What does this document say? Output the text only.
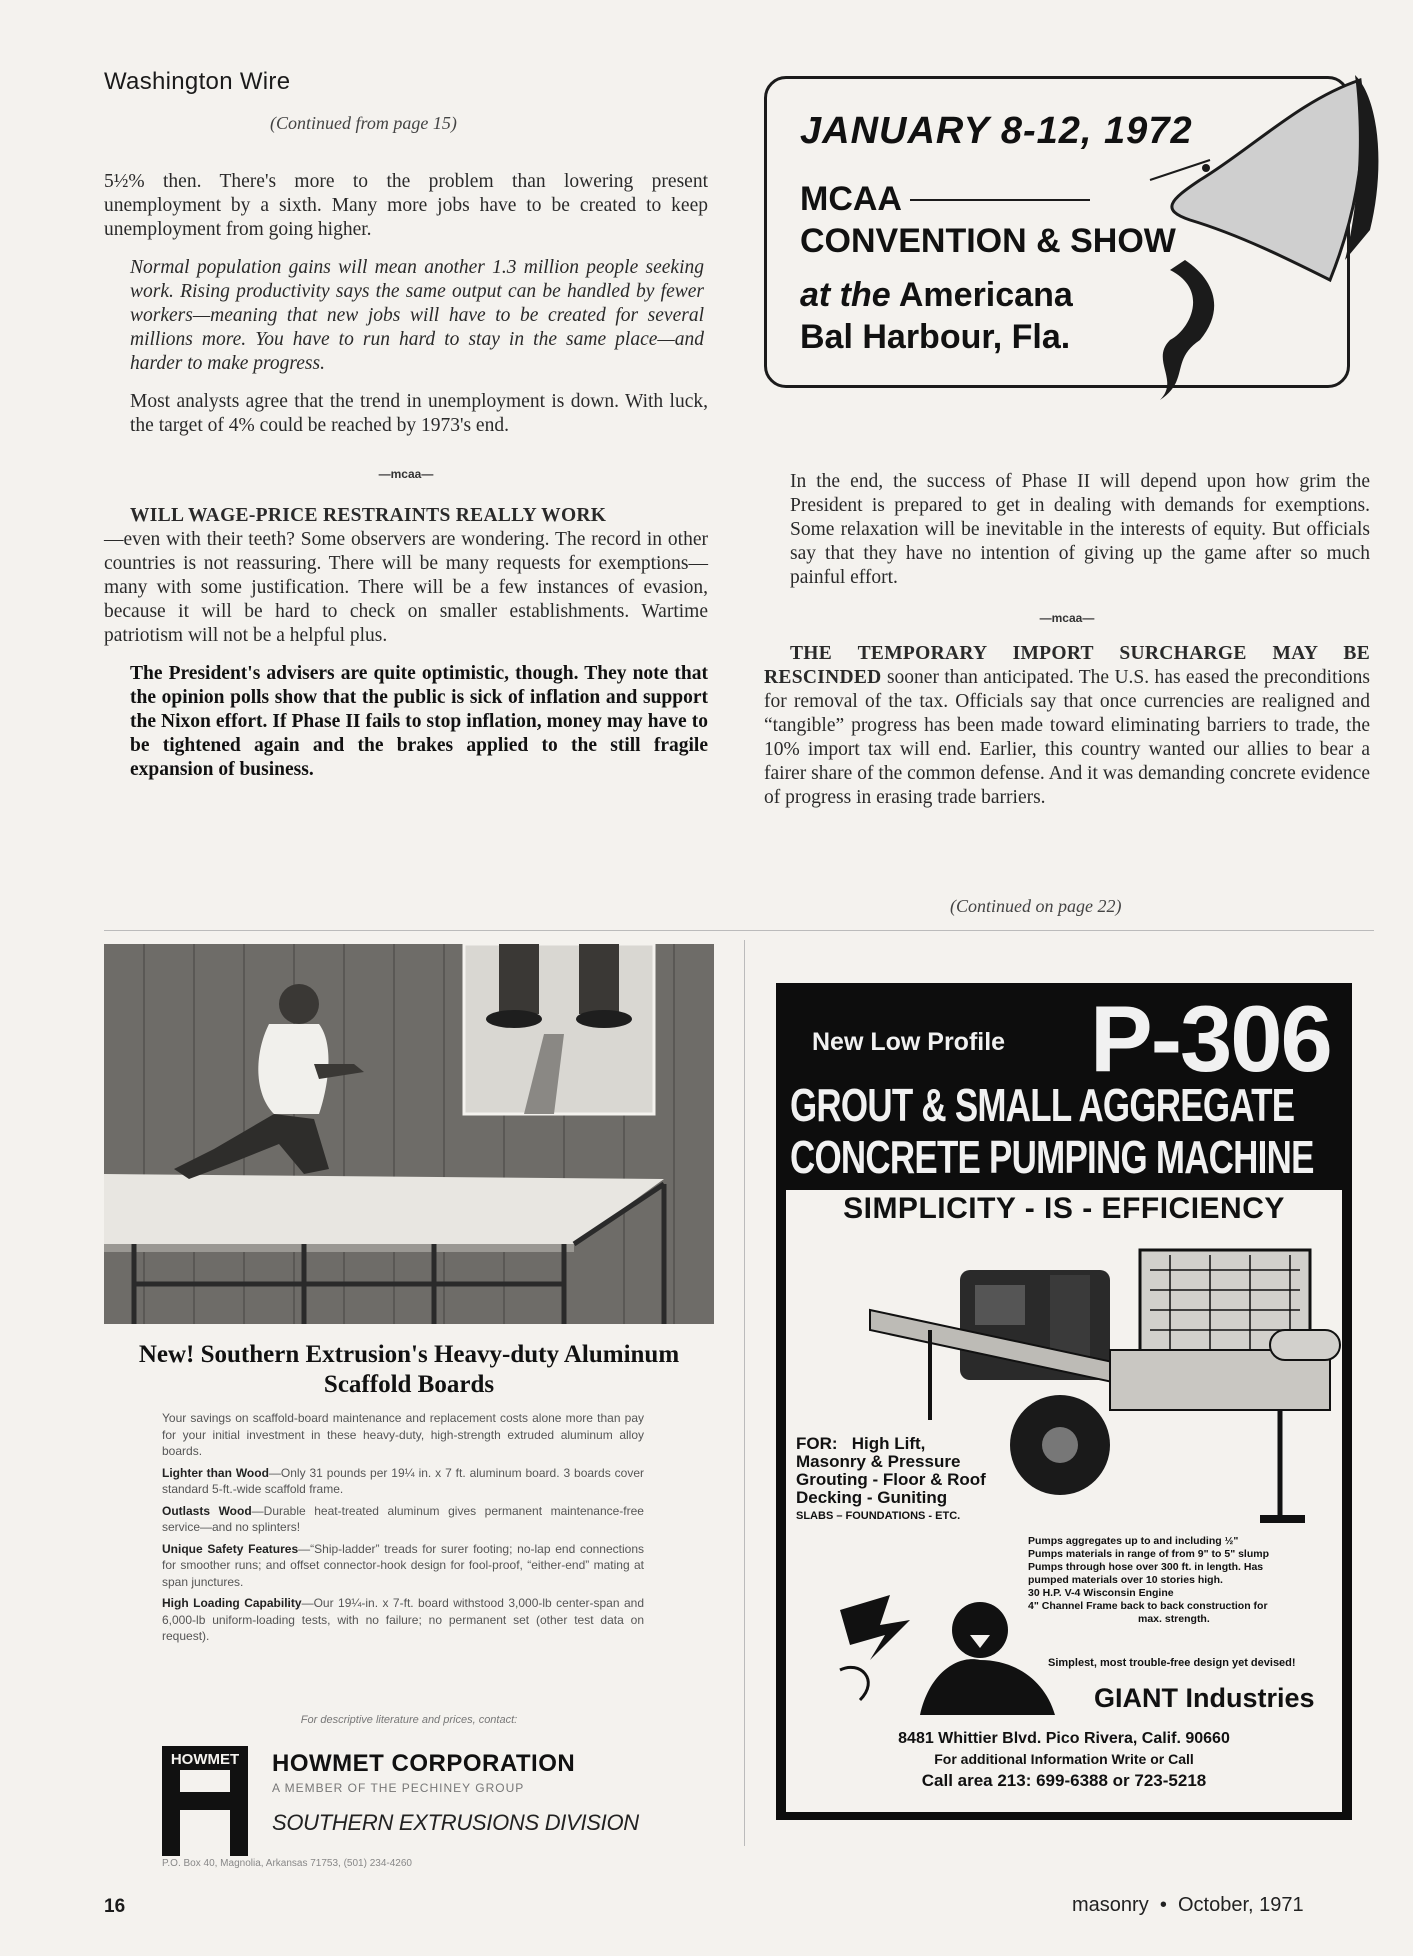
Washington Wire
(Continued from page 15)

5½% then. There's more to the problem than lowering present unemployment by a sixth. Many more jobs have to be created to keep unemployment from going higher.

Normal population gains will mean another 1.3 million people seeking work. Rising productivity says the same output can be handled by fewer workers—meaning that new jobs will have to be created for several millions more. You have to run hard to stay in the same place—and harder to make progress.

Most analysts agree that the trend in unemployment is down. With luck, the target of 4% could be reached by 1973's end.

—mcaa—

WILL WAGE-PRICE RESTRAINTS REALLY WORK
—even with their teeth? Some observers are wondering. The record in other countries is not reassuring. There will be many requests for exemptions—many with some justification. There will be a few instances of evasion, because it will be hard to check on smaller establishments. Wartime patriotism will not be a helpful plus.

The President's advisers are quite optimistic, though. They note that the opinion polls show that the public is sick of inflation and support the Nixon effort. If Phase II fails to stop inflation, money may have to be tightened again and the brakes applied to the still fragile expansion of business.

JANUARY 8-12, 1972
MCAA
CONVENTION & SHOW
at the Americana
Bal Harbour, Fla.

In the end, the success of Phase II will depend upon how grim the President is prepared to get in dealing with demands for exemptions. Some relaxation will be inevitable in the interests of equity. But officials say that they have no intention of giving up the game after so much painful effort.

—mcaa—

THE TEMPORARY IMPORT SURCHARGE MAY BE RESCINDED sooner than anticipated. The U.S. has eased the preconditions for removal of the tax. Officials say that once currencies are realigned and “tangible” progress has been made toward eliminating barriers to trade, the 10% import tax will end. Earlier, this country wanted our allies to bear a fairer share of the common defense. And it was demanding concrete evidence of progress in erasing trade barriers.

(Continued on page 22)
New! Southern Extrusion's Heavy-duty Aluminum Scaffold Boards

Your savings on scaffold-board maintenance and replacement costs alone more than pay for your initial investment in these heavy-duty, high-strength extruded aluminum alloy boards.

Lighter than Wood—Only 31 pounds per 19¼ in. x 7 ft. aluminum board. 3 boards cover standard 5-ft.-wide scaffold frame.

Outlasts Wood—Durable heat-treated aluminum gives permanent maintenance-free service—and no splinters!

Unique Safety Features—“Ship-ladder” treads for surer footing; no-lap end connections for smoother runs; and offset connector-hook design for fool-proof, “either-end” mating at span junctures.

High Loading Capability—Our 19¼-in. x 7-ft. board withstood 3,000-lb center-span and 6,000-lb uniform-loading tests, with no failure; no permanent set (other test data on request).

For descriptive literature and prices, contact:
HOWMET HOWMET CORPORATION
A MEMBER OF THE PECHINEY GROUP
SOUTHERN EXTRUSIONS DIVISION
P.O. Box 40, Magnolia, Arkansas 71753, (501) 234-4260
New Low Profile P-306
GROUT & SMALL AGGREGATE
CONCRETE PUMPING MACHINE
SIMPLICITY - IS - EFFICIENCY
FOR: High Lift,
Masonry & Pressure
Grouting - Floor & Roof
Decking - Guniting
SLABS – FOUNDATIONS - ETC.
Pumps aggregates up to and including ½"
Pumps materials in range of from 9" to 5" slump
Pumps through hose over 300 ft. in length. Has
pumped materials over 10 stories high.
30 H.P. V-4 Wisconsin Engine
4" Channel Frame back to back construction for
max. strength.
Simplest, most trouble-free design yet devised!
GIANT Industries
8481 Whittier Blvd. Pico Rivera, Calif. 90660
For additional Information Write or Call
Call area 213: 699-6388 or 723-5218
16	masonry • October, 1971
